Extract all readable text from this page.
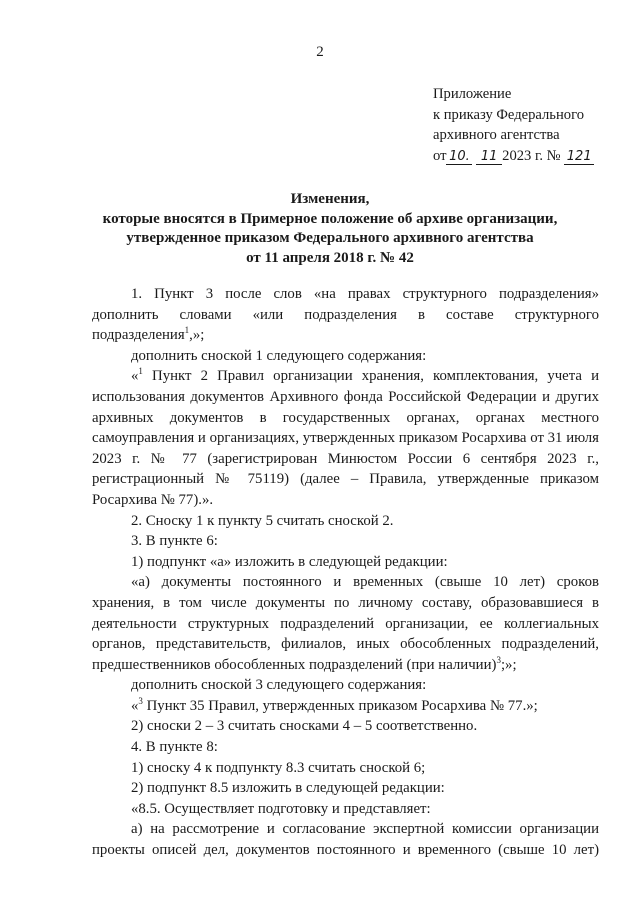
2
Приложение
к приказу Федерального
архивного агентства
от 10. 11 2023 г. № 121
Изменения,
которые вносятся в Примерное положение об архиве организации,
утвержденное приказом Федерального архивного агентства
от 11 апреля 2018 г. № 42

1. Пункт 3 после слов «на правах структурного подразделения» дополнить словами «или подразделения в составе структурного подразделения$^1$,»;

дополнить сноской 1 следующего содержания:

«$^1$ Пункт 2 Правил организации хранения, комплектования, учета и использования документов Архивного фонда Российской Федерации и других архивных документов в государственных органах, органах местного самоуправления и организациях, утвержденных приказом Росархива от 31 июля 2023 г. № 77 (зарегистрирован Минюстом России 6 сентября 2023 г., регистрационный № 75119) (далее – Правила, утвержденные приказом Росархива № 77).».

2. Сноску 1 к пункту 5 считать сноской 2.

3. В пункте 6:

1) подпункт «а» изложить в следующей редакции:

«а) документы постоянного и временных (свыше 10 лет) сроков хранения, в том числе документы по личному составу, образовавшиеся в деятельности структурных подразделений организации, ее коллегиальных органов, представительств, филиалов, иных обособленных подразделений, предшественников обособленных подразделений (при наличии)$^3$;»;

дополнить сноской 3 следующего содержания:

«$^3$ Пункт 35 Правил, утвержденных приказом Росархива № 77.»;

2) сноски 2 – 3 считать сносками 4 – 5 соответственно.

4. В пункте 8:

1) сноску 4 к подпункту 8.3 считать сноской 6;

2) подпункт 8.5 изложить в следующей редакции:

«8.5. Осуществляет подготовку и представляет:

а) на рассмотрение и согласование экспертной комиссии организации проекты описей дел, документов постоянного и временного (свыше 10 лет)
